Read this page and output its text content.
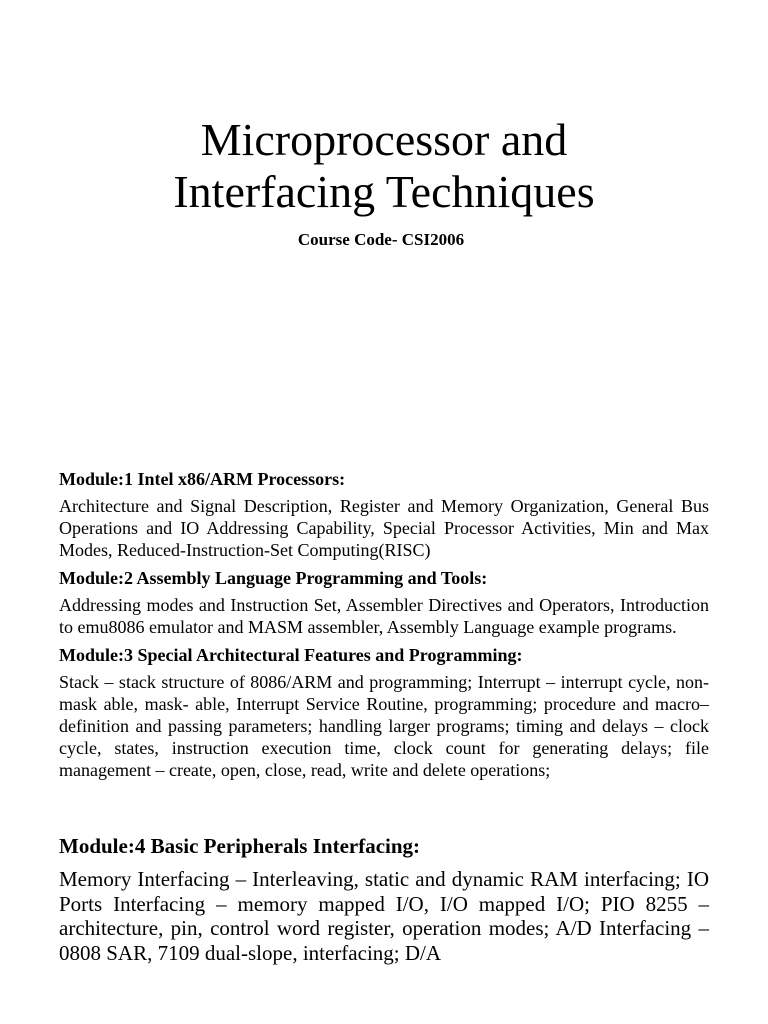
Microprocessor and
Interfacing Techniques

Course Code- CSI2006

Module:1 Intel x86/ARM Processors:

Architecture and Signal Description, Register and Memory Organization, General Bus Operations and IO Addressing Capability, Special Processor Activities, Min and Max Modes, Reduced-Instruction-Set Computing(RISC)

Module:2 Assembly Language Programming and Tools:

Addressing modes and Instruction Set, Assembler Directives and Operators, Introduction to emu8086 emulator and MASM assembler, Assembly Language example programs.

Module:3 Special Architectural Features and Programming:

Stack – stack structure of 8086/ARM and programming; Interrupt – interrupt cycle, non-mask able, mask- able, Interrupt Service Routine, programming; procedure and macro– definition and passing parameters; handling larger programs; timing and delays – clock cycle, states, instruction execution time, clock count for generating delays; file management – create, open, close, read, write and delete operations;

Module:4 Basic Peripherals Interfacing:

Memory Interfacing – Interleaving, static and dynamic RAM interfacing; IO Ports Interfacing – memory mapped I/O, I/O mapped I/O; PIO 8255 – architecture, pin, control word register, operation modes; A/D Interfacing – 0808 SAR, 7109 dual-slope, interfacing; D/A
